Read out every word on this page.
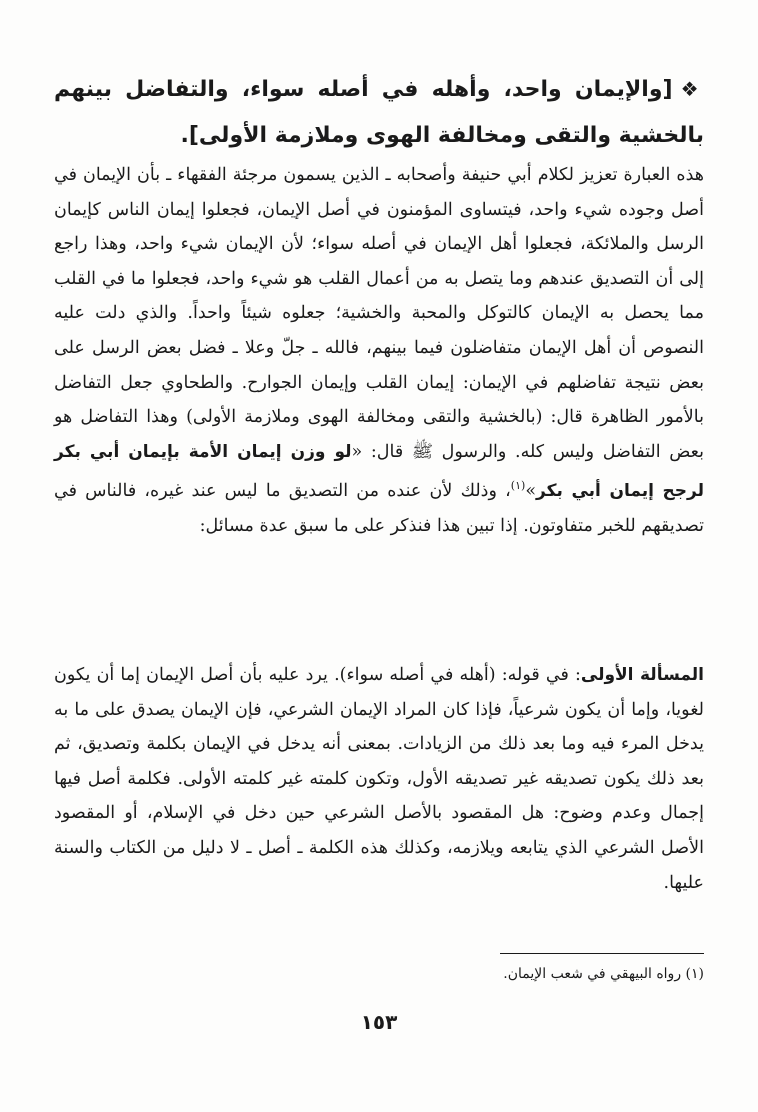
❖[والإيمان واحد، وأهله في أصله سواء، والتفاضل بينهم بالخشية والتقى ومخالفة الهوى وملازمة الأولى].
هذه العبارة تعزيز لكلام أبي حنيفة وأصحابه ـ الذين يسمون مرجئة الفقهاء ـ بأن الإيمان في أصل وجوده شيء واحد، فيتساوى المؤمنون في أصل الإيمان، فجعلوا إيمان الناس كإيمان الرسل والملائكة، فجعلوا أهل الإيمان في أصله سواء؛ لأن الإيمان شيء واحد، وهذا راجع إلى أن التصديق عندهم وما يتصل به من أعمال القلب هو شيء واحد، فجعلوا ما في القلب مما يحصل به الإيمان كالتوكل والمحبة والخشية؛ جعلوه شيئاً واحداً. والذي دلت عليه النصوص أن أهل الإيمان متفاضلون فيما بينهم، فالله ـ جلّ وعلا ـ فضل بعض الرسل على بعض نتيجة تفاضلهم في الإيمان: إيمان القلب وإيمان الجوارح. والطحاوي جعل التفاضل بالأمور الظاهرة قال: (بالخشية والتقى ومخالفة الهوى وملازمة الأولى) وهذا التفاضل هو بعض التفاضل وليس كله. والرسول ﷺ قال: «لو وزن إيمان الأمة بإيمان أبي بكر لرجح إيمان أبي بكر»$^{(١)}$، وذلك لأن عنده من التصديق ما ليس عند غيره، فالناس في تصديقهم للخبر متفاوتون. إذا تبين هذا فنذكر على ما سبق عدة مسائل:
المسألة الأولى: في قوله: (أهله في أصله سواء). يرد عليه بأن أصل الإيمان إما أن يكون لغويا، وإما أن يكون شرعياً، فإذا كان المراد الإيمان الشرعي، فإن الإيمان يصدق على ما به يدخل المرء فيه وما بعد ذلك من الزيادات. بمعنى أنه يدخل في الإيمان بكلمة وتصديق، ثم بعد ذلك يكون تصديقه غير تصديقه الأول، وتكون كلمته غير كلمته الأولى. فكلمة أصل فيها إجمال وعدم وضوح: هل المقصود بالأصل الشرعي حين دخل في الإسلام، أو المقصود الأصل الشرعي الذي يتابعه ويلازمه، وكذلك هذه الكلمة ـ أصل ـ لا دليل من الكتاب والسنة عليها.
(١) رواه البيهقي في شعب الإيمان.
١٥٣
